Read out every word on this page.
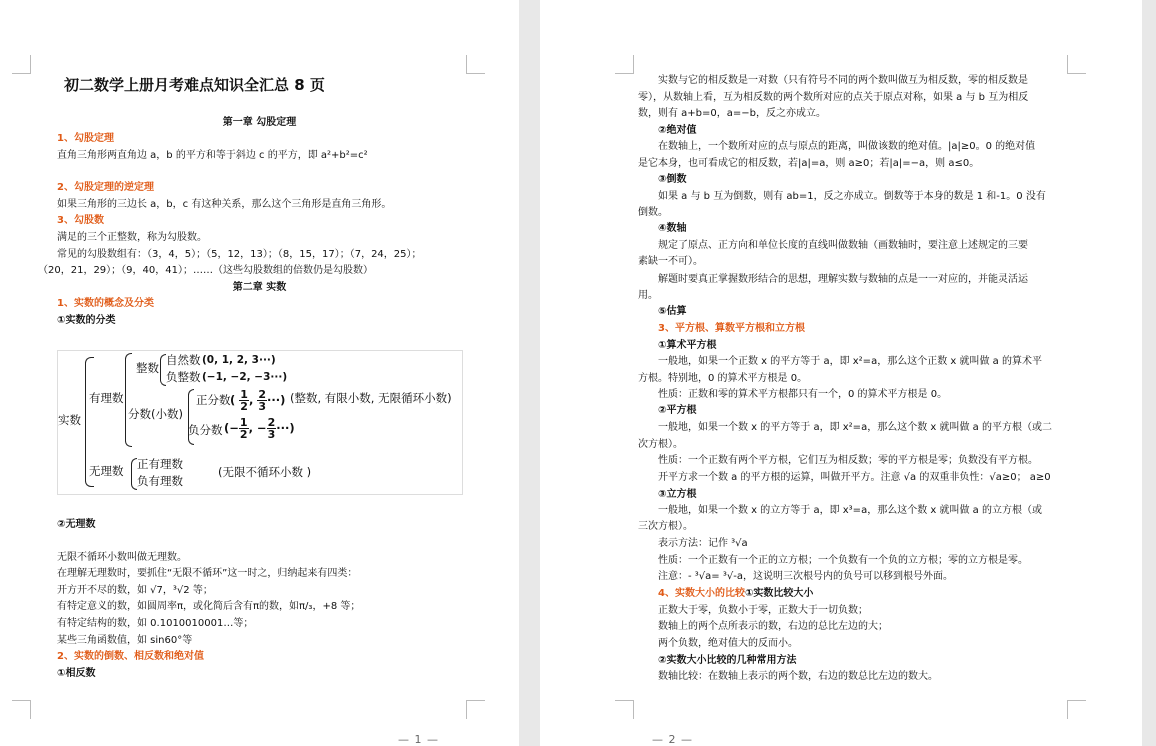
初二数学上册月考难点知识全汇总 8 页
第一章 勾股定理
1、勾股定理
直角三角形两直角边 a，b 的平方和等于斜边 c 的平方，即 a²+b²=c²
2、勾股定理的逆定理
如果三角形的三边长 a，b，c 有这种关系，那么这个三角形是直角三角形。
3、勾股数
满足的三个正整数，称为勾股数。
常见的勾股数组有：（3，4，5）；（5，12，13）；（8，15，17）；（7，24，25）；
（20，21，29）；（9，40，41）；……（这些勾股数组的倍数仍是勾股数）
第二章 实数
1、实数的概念及分类
①实数的分类
实数
有理数
整数
自然数 (0, 1, 2, 3···)
负整数 (−1, −2, −3···)
分数(小数)
正分数 ( $\frac{1}{2}$ , $\frac{2}{3}$ ···) (整数, 有限小数, 无限循环小数)
负分数 (− $\frac{1}{2}$ , − $\frac{2}{3}$ ···)
无理数 正有理数
负有理数
(无限不循环小数 )
②无理数
无限不循环小数叫做无理数。
在理解无理数时，要抓住“无限不循环”这一时之，归纳起来有四类：
开方开不尽的数，如 √7，³√2 等；
有特定意义的数，如圆周率π，或化简后含有π的数，如π/₃，+8 等；
有特定结构的数，如 0.1010010001…等；
某些三角函数值，如 sin60°等
2、实数的倒数、相反数和绝对值
①相反数
— 1 —
实数与它的相反数是一对数（只有符号不同的两个数叫做互为相反数，零的相反数是
零），从数轴上看，互为相反数的两个数所对应的点关于原点对称，如果 a 与 b 互为相反
数，则有 a+b=0，a=−b，反之亦成立。
②绝对值
在数轴上，一个数所对应的点与原点的距离，叫做该数的绝对值。|a|≥0。0 的绝对值
是它本身，也可看成它的相反数，若|a|=a，则 a≥0；若|a|=−a，则 a≤0。
③倒数
如果 a 与 b 互为倒数，则有 ab=1，反之亦成立。倒数等于本身的数是 1 和-1。0 没有
倒数。
④数轴
规定了原点、正方向和单位长度的直线叫做数轴（画数轴时，要注意上述规定的三要
素缺一不可）。
解题时要真正掌握数形结合的思想，理解实数与数轴的点是一一对应的，并能灵活运
用。
⑤估算
3、平方根、算数平方根和立方根
①算术平方根
一般地，如果一个正数 x 的平方等于 a，即 x²=a，那么这个正数 x 就叫做 a 的算术平
方根。特别地，0 的算术平方根是 0。
性质：正数和零的算术平方根都只有一个，0 的算术平方根是 0。
②平方根
一般地，如果一个数 x 的平方等于 a，即 x²=a，那么这个数 x 就叫做 a 的平方根（或二
次方根）。
性质：一个正数有两个平方根，它们互为相反数；零的平方根是零；负数没有平方根。
开平方求一个数 a 的平方根的运算，叫做开平方。注意 √a 的双重非负性：√a≥0； a≥0
③立方根
一般地，如果一个数 x 的立方等于 a，即 x³=a，那么这个数 x 就叫做 a 的立方根（或
三次方根）。
表示方法：记作 ³√a
性质：一个正数有一个正的立方根；一个负数有一个负的立方根；零的立方根是零。
注意：- ³√a= ³√-a，这说明三次根号内的负号可以移到根号外面。
4、实数大小的比较①实数比较大小
正数大于零，负数小于零，正数大于一切负数；
数轴上的两个点所表示的数，右边的总比左边的大；
两个负数，绝对值大的反而小。
②实数大小比较的几种常用方法
数轴比较：在数轴上表示的两个数，右边的数总比左边的数大。
— 2 —
